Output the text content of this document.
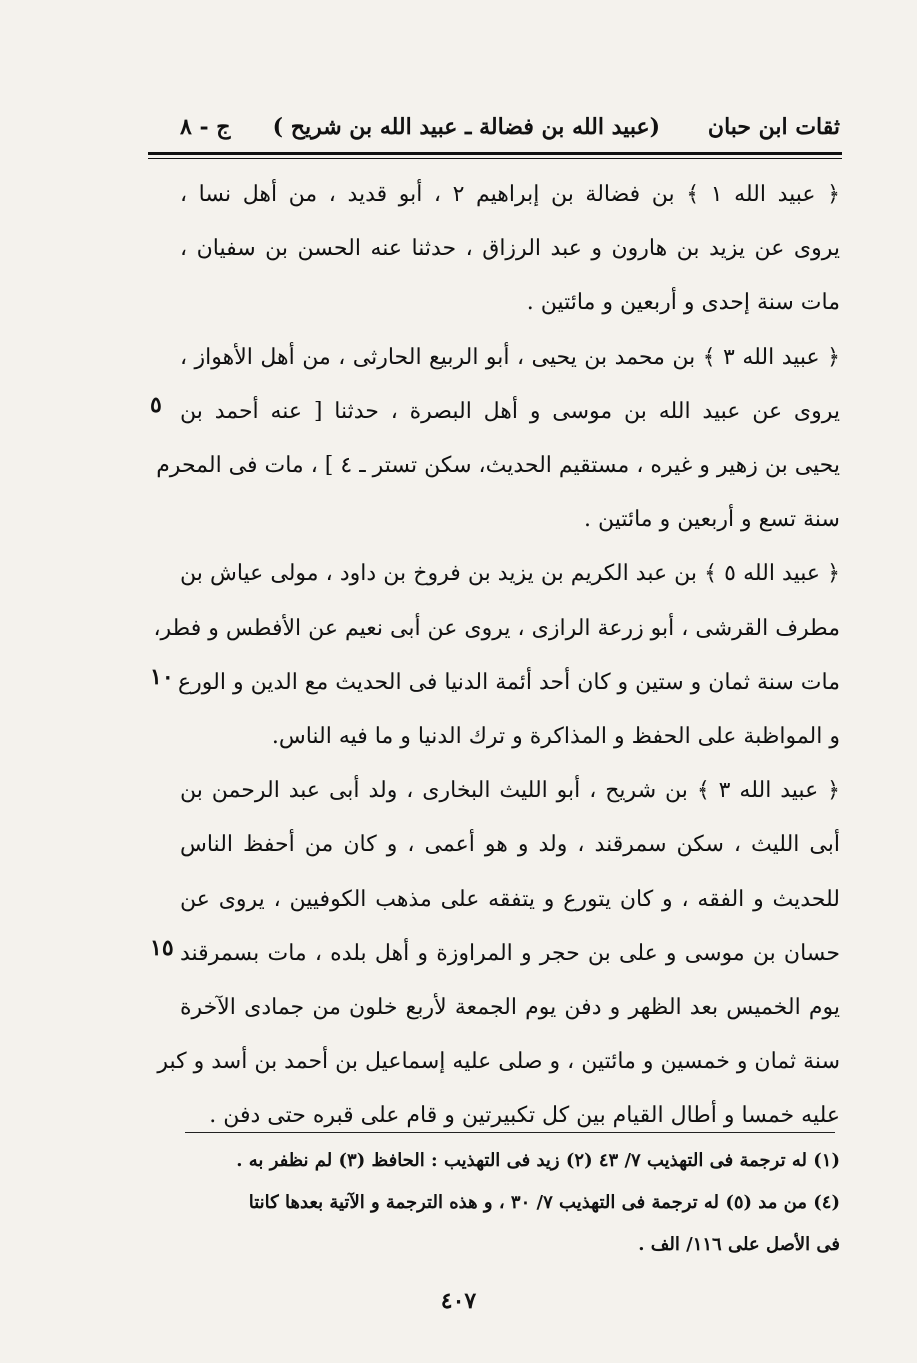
ثقات ابن حبان
(عبيد الله بن فضالة ـ عبيد الله بن شريح )
ج - ٨

﴿ عبيد الله ١ ﴾ بن فضالة بن إبراهيم ٢ ، أبو قديد ، من أهل نسا ،
يروى عن يزيد بن هارون و عبد الرزاق ، حدثنا عنه الحسن بن سفيان ،
مات سنة إحدى و أربعين و مائتين .

﴿ عبيد الله ٣ ﴾ بن محمد بن يحيى ، أبو الربيع الحارثى ، من أهل الأهواز ،
يروى عن عبيد الله بن موسى و أهل البصرة ، حدثنا [ عنه أحمد بن
يحيى بن زهير و غيره ، مستقيم الحديث، سكن تستر ـ ٤ ] ، مات فى المحرم
سنة تسع و أربعين و مائتين .

﴿ عبيد الله ٥ ﴾ بن عبد الكريم بن يزيد بن فروخ بن داود ، مولى عياش بن
مطرف القرشى ، أبو زرعة الرازى ، يروى عن أبى نعيم عن الأفطس و فطر،
مات سنة ثمان و ستين و كان أحد أئمة الدنيا فى الحديث مع الدين و الورع
و المواظبة على الحفظ و المذاكرة و ترك الدنيا و ما فيه الناس.

﴿ عبيد الله ٣ ﴾ بن شريح ، أبو الليث البخارى ، ولد أبى عبد الرحمن بن
أبى الليث ، سكن سمرقند ، ولد و هو أعمى ، و كان من أحفظ الناس
للحديث و الفقه ، و كان يتورع و يتفقه على مذهب الكوفيين ، يروى عن
حسان بن موسى و على بن حجر و المراوزة و أهل بلده ، مات بسمرقند
يوم الخميس بعد الظهر و دفن يوم الجمعة لأربع خلون من جمادى الآخرة
سنة ثمان و خمسين و مائتين ، و صلى عليه إسماعيل بن أحمد بن أسد و كبر
عليه خمسا و أطال القيام بين كل تكبيرتين و قام على قبره حتى دفن .

٥
١٠
١٥
(١) له ترجمة فى التهذيب ٧/ ٤٣ (٢) زيد فى التهذيب : الحافظ (٣) لم نظفر به .
(٤) من مد (٥) له ترجمة فى التهذيب ٧/ ٣٠ ، و هذه الترجمة و الآتية بعدها كانتا
فى الأصل على ١١٦/ الف .
٤٠٧
